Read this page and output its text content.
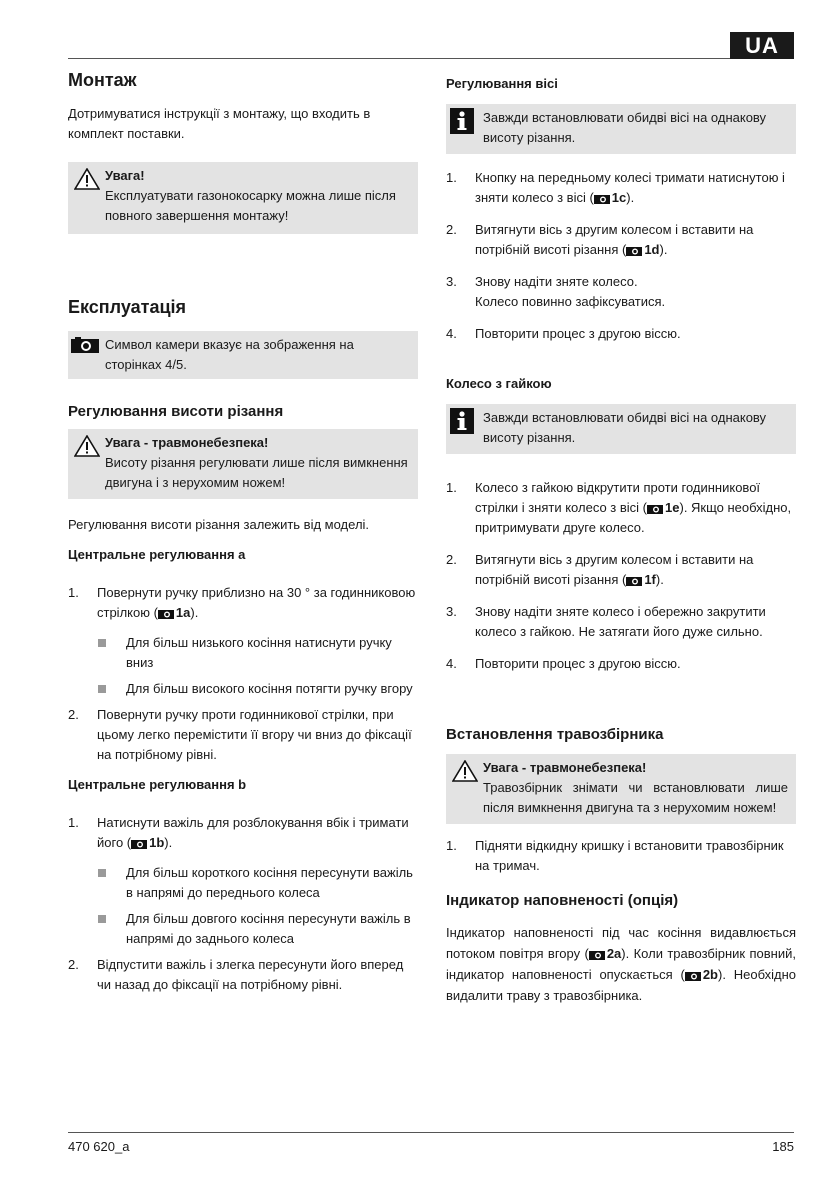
UA
Монтаж

Дотримуватися інструкції з монтажу, що входить в комплект поставки.

Увага!
Експлуатувати газонокосарку можна лише після повного завершення монтажу!
Експлуатація
Символ камери вказує на зображення на сторінках 4/5.
Регулювання висоти різання
Увага - травмонебезпека!
Висоту різання регулювати лише після вимкнення двигуна і з нерухомим ножем!

Регулювання висоти різання залежить від моделі.

Центральне регулювання a
1. Повернути ручку приблизно на 30 ° за годинниковою стрілкою ( 1a).
Для більш низького косіння натиснути ручку вниз
Для більш високого косіння потягти ручку вгору
2. Повернути ручку проти годинникової стрілки, при цьому легко перемістити її вгору чи вниз до фіксації на потрібному рівні.
Центральне регулювання b
1. Натиснути важіль для розблокування вбік і тримати його ( 1b).
Для більш короткого косіння пересунути важіль в напрямі до переднього колеса
Для більш довгого косіння пересунути важіль в напрямі до заднього колеса
2. Відпустити важіль і злегка пересунути його вперед чи назад до фіксації на потрібному рівні.
Регулювання вісі
Завжди встановлювати обидві вісі на однакову висоту різання.
1. Кнопку на передньому колесі тримати натиснутою і зняти колесо з вісі ( 1c).
2. Витягнути вісь з другим колесом і вставити на потрібній висоті різання ( 1d).
3. Знову надіти зняте колесо.
Колесо повинно зафіксуватися.
4. Повторити процес з другою віссю.
Колесо з гайкою
Завжди встановлювати обидві вісі на однакову висоту різання.
1. Колесо з гайкою відкрутити проти годинникової стрілки і зняти колесо з вісі ( 1e). Якщо необхідно, притримувати друге колесо.
2. Витягнути вісь з другим колесом і вставити на потрібній висоті різання ( 1f).
3. Знову надіти зняте колесо і обережно закрутити колесо з гайкою. Не затягати його дуже сильно.
4. Повторити процес з другою віссю.
Встановлення травозбірника
Увага - травмонебезпека!
Травозбірник знімати чи встановлювати лише після вимкнення двигуна та з нерухомим ножем!
1. Підняти відкидну кришку і встановити травозбірник на тримач.
Індикатор наповненості (опція)

Індикатор наповненості під час косіння видавлюється потоком повітря вгору ( 2a). Коли травозбірник повний, індикатор наповненості опускається ( 2b). Необхідно видалити траву з травозбірника.

470 620_a	185
